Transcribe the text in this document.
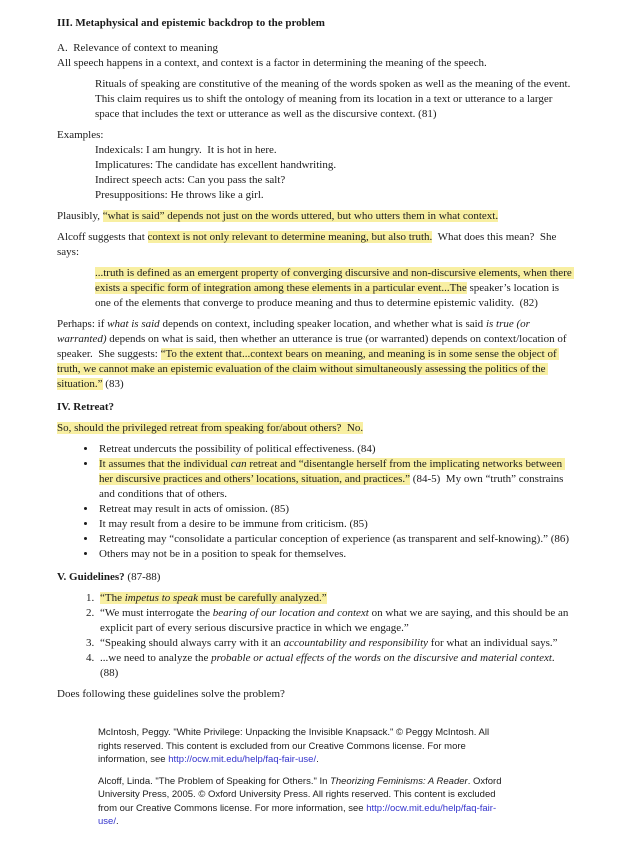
III. Metaphysical and epistemic backdrop to the problem
A.  Relevance of context to meaning
All speech happens in a context, and context is a factor in determining the meaning of the speech.

Rituals of speaking are constitutive of the meaning of the words spoken as well as the meaning of the event.  This claim requires us to shift the ontology of meaning from its location in a text or utterance to a larger space that includes the text or utterance as well as the discursive context. (81)

Examples:
Indexicals: I am hungry.  It is hot in here.
Implicatures: The candidate has excellent handwriting.
Indirect speech acts: Can you pass the salt?
Presuppositions: He throws like a girl.

Plausibly, “what is said” depends not just on the words uttered, but who utters them in what context.

Alcoff suggests that context is not only relevant to determine meaning, but also truth.  What does this mean?  She says:

...truth is defined as an emergent property of converging discursive and non-discursive elements, when there exists a specific form of integration among these elements in a particular event...The speaker’s location is one of the elements that converge to produce meaning and thus to determine epistemic validity.  (82)

Perhaps: if what is said depends on context, including speaker location, and whether what is said is true (or warranted) depends on what is said, then whether an utterance is true (or warranted) depends on context/location of speaker.  She suggests: “To the extent that...context bears on meaning, and meaning is in some sense the object of truth, we cannot make an epistemic evaluation of the claim without simultaneously assessing the politics of the situation.” (83)

IV. Retreat?

So, should the privileged retreat from speaking for/about others?  No.

• Retreat undercuts the possibility of political effectiveness. (84)
• It assumes that the individual can retreat and “disentangle herself from the implicating networks between her discursive practices and others’ locations, situation, and practices.” (84-5)  My own “truth” constrains and conditions that of others.
• Retreat may result in acts of omission. (85)
• It may result from a desire to be immune from criticism. (85)
• Retreating may “consolidate a particular conception of experience (as transparent and self-knowing).” (86)
• Others may not be in a position to speak for themselves.
V. Guidelines? (87-88)
1. “The impetus to speak must be carefully analyzed.”
2. “We must interrogate the bearing of our location and context on what we are saying, and this should be an explicit part of every serious discursive practice in which we engage.”
3. “Speaking should always carry with it an accountability and responsibility for what an individual says.”
4. ...we need to analyze the probable or actual effects of the words on the discursive and material context. (88)

Does following these guidelines solve the problem?

McIntosh, Peggy. "White Privilege: Unpacking the Invisible Knapsack." © Peggy McIntosh. All rights reserved. This content is excluded from our Creative Commons license. For more information, see http://ocw.mit.edu/help/faq-fair-use/.

Alcoff, Linda. "The Problem of Speaking for Others." In Theorizing Feminisms: A Reader. Oxford University Press, 2005. © Oxford University Press. All rights reserved. This content is excluded from our Creative Commons license. For more information, see http://ocw.mit.edu/help/faq-fair-use/.
